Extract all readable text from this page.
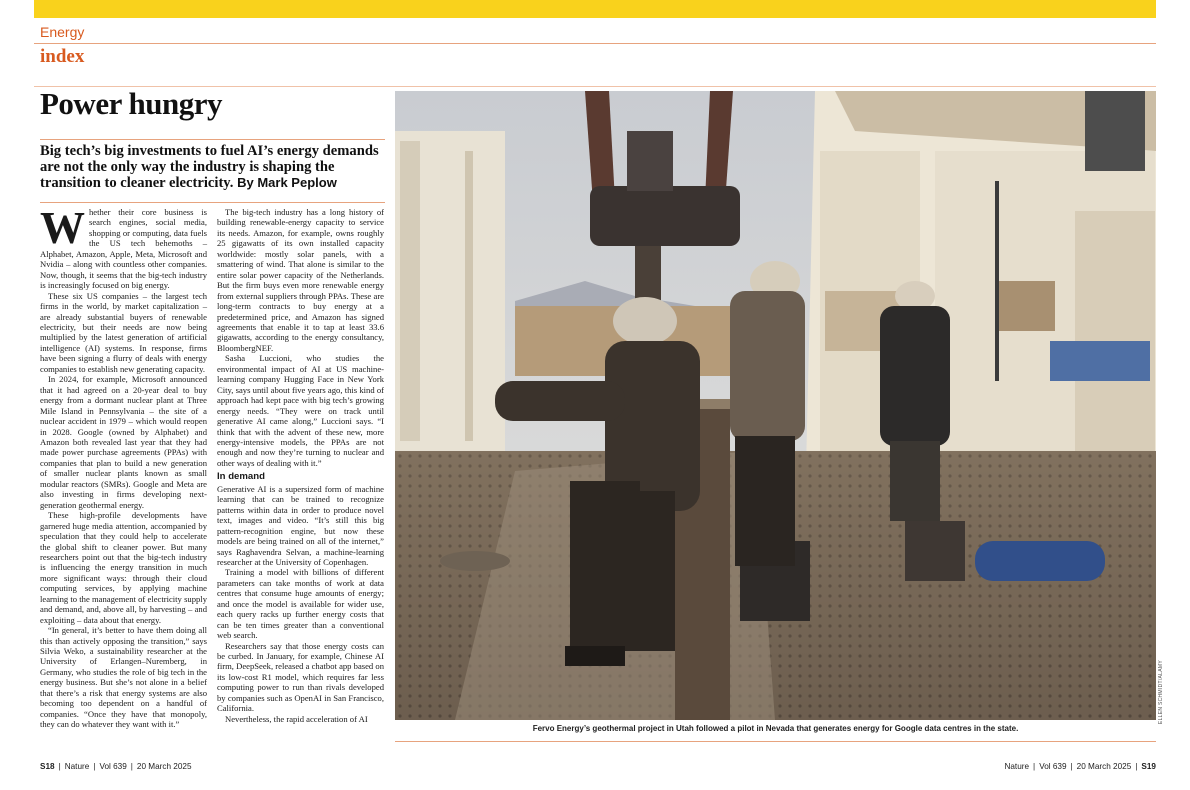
Energy
index
Power hungry
Big tech’s big investments to fuel AI’s energy demands are not the only way the industry is shaping the transition to cleaner electricity. By Mark Peplow

Whether their core business is search engines, social media, shopping or computing, data fuels the US tech behemoths – Alphabet, Amazon, Apple, Meta, Microsoft and Nvidia – along with countless other companies. Now, though, it seems that the big-tech industry is increasingly focused on big energy.

These six US companies – the largest tech firms in the world, by market capitalization – are already substantial buyers of renewable electricity, but their needs are now being multiplied by the latest generation of artificial intelligence (AI) systems. In response, firms have been signing a flurry of deals with energy companies to establish new generating capacity.

In 2024, for example, Microsoft announced that it had agreed on a 20-year deal to buy energy from a dormant nuclear plant at Three Mile Island in Pennsylvania – the site of a nuclear accident in 1979 – which would reopen in 2028. Google (owned by Alphabet) and Amazon both revealed last year that they had made power purchase agreements (PPAs) with companies that plan to build a new generation of smaller nuclear plants known as small modular reactors (SMRs). Google and Meta are also investing in firms developing next-generation geothermal energy.

These high-profile developments have garnered huge media attention, accompanied by speculation that they could help to accelerate the global shift to cleaner power. But many researchers point out that the big-tech industry is influencing the energy transition in much more significant ways: through their cloud computing services, by applying machine learning to the management of electricity supply and demand, and, above all, by harvesting – and exploiting – data about that energy.

“In general, it’s better to have them doing all this than actively opposing the transition,” says Silvia Weko, a sustainability researcher at the University of Erlangen–Nuremberg, in Germany, who studies the role of big tech in the energy business. But she’s not alone in a belief that there’s a risk that energy systems are also becoming too dependent on a handful of companies. “Once they have that monopoly, they can do whatever they want with it.”

The big-tech industry has a long history of building renewable-energy capacity to service its needs. Amazon, for example, owns roughly 25 gigawatts of its own installed capacity worldwide: mostly solar panels, with a smattering of wind. That alone is similar to the entire solar power capacity of the Netherlands. But the firm buys even more renewable energy from external suppliers through PPAs. These are long-term contracts to buy energy at a predetermined price, and Amazon has signed agreements that enable it to tap at least 33.6 gigawatts, according to the energy consultancy, BloombergNEF.

Sasha Luccioni, who studies the environmental impact of AI at US machine-learning company Hugging Face in New York City, says until about five years ago, this kind of approach had kept pace with big tech’s growing energy needs. “They were on track until generative AI came along,” Luccioni says. “I think that with the advent of these new, more energy-intensive models, the PPAs are not enough and now they’re turning to nuclear and other ways of dealing with it.”

In demand

Generative AI is a supersized form of machine learning that can be trained to recognize patterns within data in order to produce novel text, images and video. “It’s still this big pattern-recognition engine, but now these models are being trained on all of the internet,” says Raghavendra Selvan, a machine-learning researcher at the University of Copenhagen.

Training a model with billions of different parameters can take months of work at data centres that consume huge amounts of energy; and once the model is available for wider use, each query racks up further energy costs that can be ten times greater than a conventional web search.

Researchers say that those energy costs can be curbed. In January, for example, Chinese AI firm, DeepSeek, released a chatbot app based on its low-cost R1 model, which requires far less computing power to run than rivals developed by companies such as OpenAI in San Francisco, California.

Nevertheless, the rapid acceleration of AI	ELLEN SCHMIDT/ALAMY
Fervo Energy’s geothermal project in Utah followed a pilot in Nevada that generates energy for Google data centres in the state.
S18 | Nature | Vol 639 | 20 March 2025	Nature | Vol 639 | 20 March 2025 | S19
